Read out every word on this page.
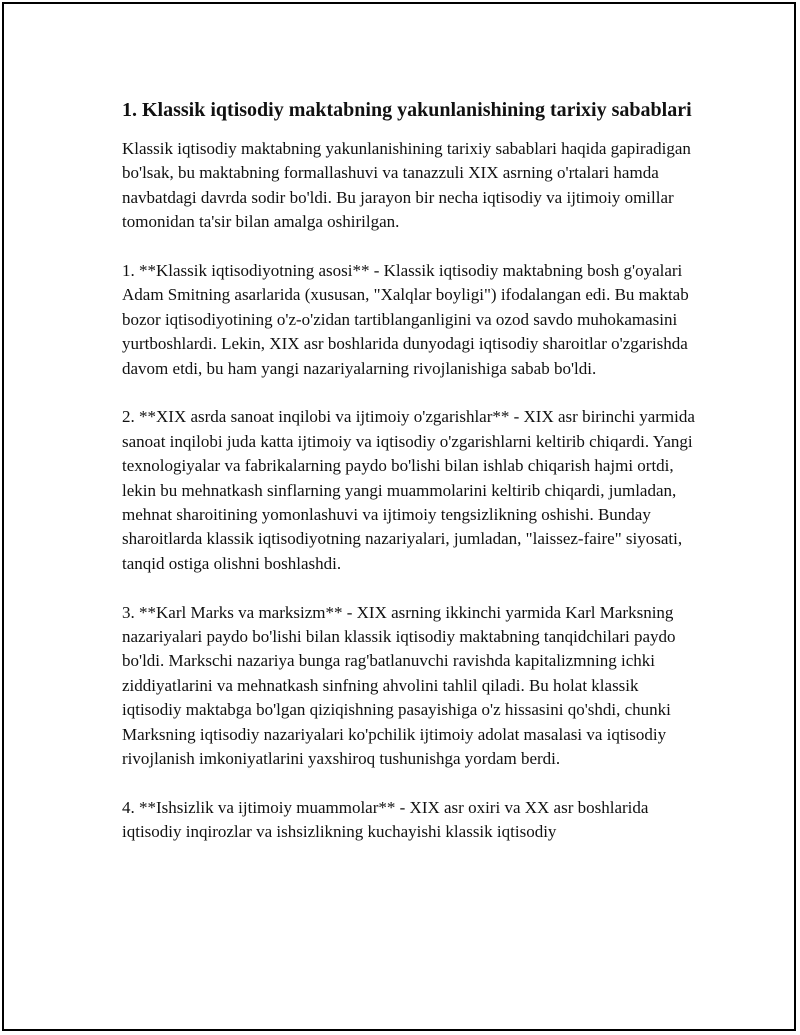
1. Klassik iqtisodiy maktabning yakunlanishining tarixiy sabablari

Klassik iqtisodiy maktabning yakunlanishining tarixiy sabablari haqida gapiradigan bo'lsak, bu maktabning formallashuvi va tanazzuli XIX asrning o'rtalari hamda navbatdagi davrda sodir bo'ldi. Bu jarayon bir necha iqtisodiy va ijtimoiy omillar tomonidan ta'sir bilan amalga oshirilgan.

1. **Klassik iqtisodiyotning asosi** - Klassik iqtisodiy maktabning bosh g'oyalari Adam Smitning asarlarida (xususan, "Xalqlar boyligi") ifodalangan edi. Bu maktab bozor iqtisodiyotining o'z-o'zidan tartiblanganligini va ozod savdo muhokamasini yurtboshlardi. Lekin, XIX asr boshlarida dunyodagi iqtisodiy sharoitlar o'zgarishda davom etdi, bu ham yangi nazariyalarning rivojlanishiga sabab bo'ldi.

2. **XIX asrda sanoat inqilobi va ijtimoiy o'zgarishlar** - XIX asr birinchi yarmida sanoat inqilobi juda katta ijtimoiy va iqtisodiy o'zgarishlarni keltirib chiqardi. Yangi texnologiyalar va fabrikalarning paydo bo'lishi bilan ishlab chiqarish hajmi ortdi, lekin bu mehnatkash sinflarning yangi muammolarini keltirib chiqardi, jumladan, mehnat sharoitining yomonlashuvi va ijtimoiy tengsizlikning oshishi. Bunday sharoitlarda klassik iqtisodiyotning nazariyalari, jumladan, "laissez-faire" siyosati, tanqid ostiga olishni boshlashdi.

3. **Karl Marks va marksizm** - XIX asrning ikkinchi yarmida Karl Marksning nazariyalari paydo bo'lishi bilan klassik iqtisodiy maktabning tanqidchilari paydo bo'ldi. Markschi nazariya bunga rag'batlanuvchi ravishda kapitalizmning ichki ziddiyatlarini va mehnatkash sinfning ahvolini tahlil qiladi. Bu holat klassik iqtisodiy maktabga bo'lgan qiziqishning pasayishiga o'z hissasini qo'shdi, chunki Marksning iqtisodiy nazariyalari ko'pchilik ijtimoiy adolat masalasi va iqtisodiy rivojlanish imkoniyatlarini yaxshiroq tushunishga yordam berdi.

4. **Ishsizlik va ijtimoiy muammolar** - XIX asr oxiri va XX asr boshlarida iqtisodiy inqirozlar va ishsizlikning kuchayishi klassik iqtisodiy
